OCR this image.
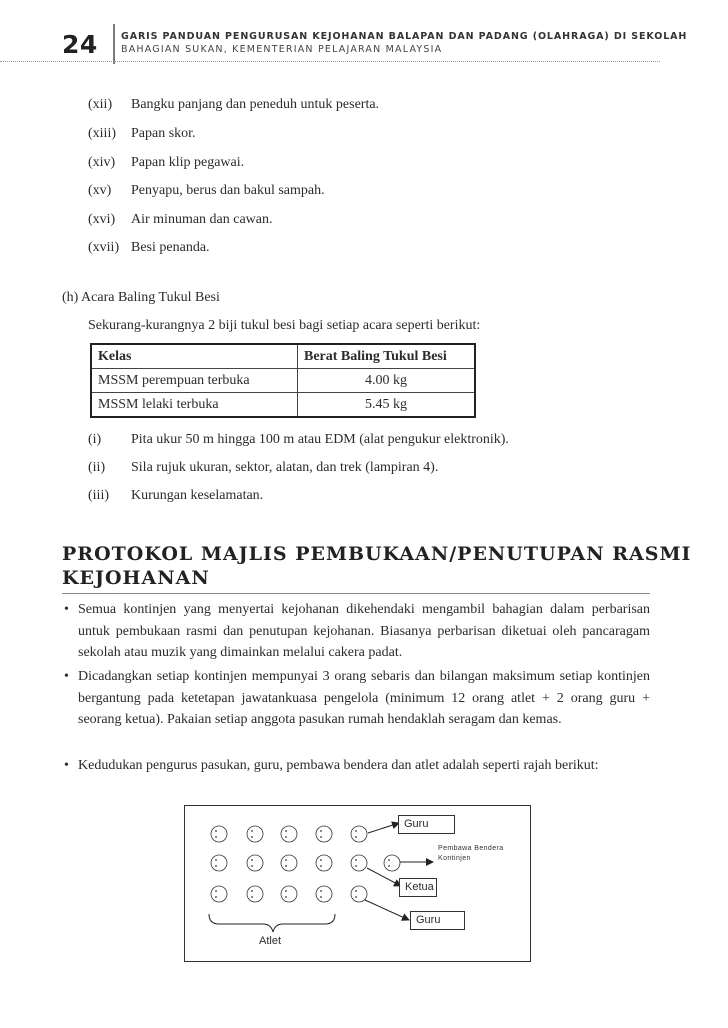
24 GARIS PANDUAN PENGURUSAN KEJOHANAN BALAPAN DAN PADANG (OLAHRAGA) DI SEKOLAH
BAHAGIAN SUKAN, KEMENTERIAN PELAJARAN MALAYSIA
(xii) Bangku panjang dan peneduh untuk peserta.
(xiii) Papan skor.
(xiv) Papan klip pegawai.
(xv) Penyapu, berus dan bakul sampah.
(xvi) Air minuman dan cawan.
(xvii) Besi penanda.
(h) Acara Baling Tukul Besi
Sekurang-kurangnya 2 biji tukul besi bagi setiap acara seperti berikut:
Kelas	Berat Baling Tukul Besi
MSSM perempuan terbuka	4.00 kg
MSSM lelaki terbuka	5.45 kg
(i) Pita ukur 50 m hingga 100 m atau EDM (alat pengukur elektronik).
(ii) Sila rujuk ukuran, sektor, alatan, dan trek (lampiran 4).
(iii) Kurungan keselamatan.
PROTOKOL MAJLIS PEMBUKAAN/PENUTUPAN RASMI
KEJOHANAN
• Semua kontinjen yang menyertai kejohanan dikehendaki mengambil bahagian dalam perbarisan untuk pembukaan rasmi dan penutupan kejohanan. Biasanya perbarisan diketuai oleh pancaragam sekolah atau muzik yang dimainkan melalui cakera padat.
• Dicadangkan setiap kontinjen mempunyai 3 orang sebaris dan bilangan maksimum setiap kontinjen bergantung pada ketetapan jawatankuasa pengelola (minimum 12 orang atlet + 2 orang guru + seorang ketua). Pakaian setiap anggota pasukan rumah hendaklah seragam dan kemas.
• Kedudukan pengurus pasukan, guru, pembawa bendera dan atlet adalah seperti rajah berikut:
Guru
Pembawa Bendera
Kontinjen
Ketua
Guru
Atlet
